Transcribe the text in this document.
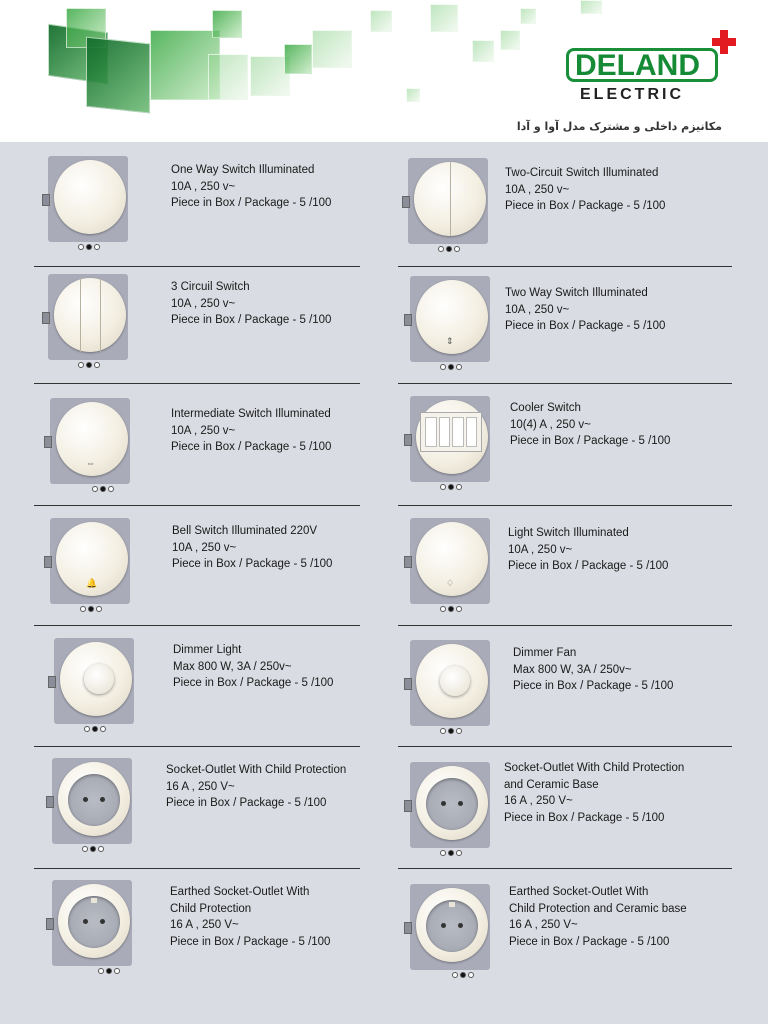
DELAND
ELECTRIC
مکانیزم داخلی و مشترک مدل آوا و آدا
One Way Switch Illuminated
10A , 250 v~
Piece in Box / Package - 5 /100
Two-Circuit Switch Illuminated
10A , 250 v~
Piece in Box / Package - 5 /100
3 Circuil Switch
10A , 250 v~
Piece in Box / Package - 5 /100
⇕
Two Way Switch Illuminated
10A , 250 v~
Piece in Box / Package - 5 /100
⇔
Intermediate Switch Illuminated
10A , 250 v~
Piece in Box / Package - 5 /100
Cooler Switch
10(4) A , 250 v~
Piece in Box / Package - 5 /100
🔔
Bell Switch Illuminated 220V
10A , 250 v~
Piece in Box / Package - 5 /100
♢
Light Switch Illuminated
10A , 250 v~
Piece in Box / Package - 5 /100
Dimmer Light
Max 800 W, 3A / 250v~
Piece in Box / Package - 5 /100
Dimmer Fan
Max 800 W, 3A / 250v~
Piece in Box / Package - 5 /100
Socket-Outlet With Child Protection
16 A , 250 V~
Piece in Box / Package - 5 /100
Socket-Outlet With Child Protection
and Ceramic Base
16 A , 250 V~
Piece in Box / Package - 5 /100
Earthed Socket-Outlet With
Child Protection
16 A , 250 V~
Piece in Box / Package - 5 /100
Earthed Socket-Outlet With
Child Protection and Ceramic base
16 A , 250 V~
Piece in Box / Package - 5 /100
